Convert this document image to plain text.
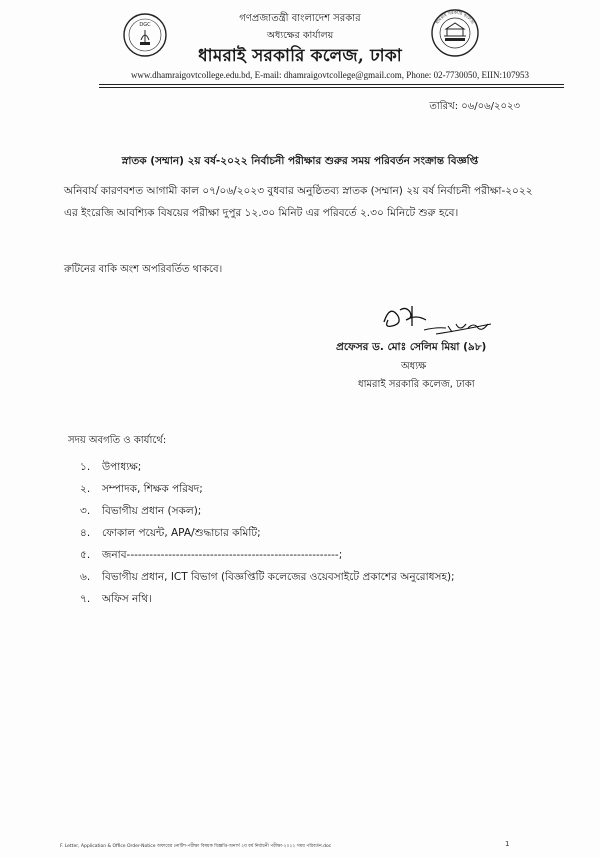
DGC	ধামরাই সরকারি কলেজ
গণপ্রজাতন্ত্রী বাংলাদেশ সরকার
অধ্যক্ষের কার্যালয়
ধামরাই সরকারি কলেজ, ঢাকা
www.dhamraigovtcollege.edu.bd, E-mail: dhamraigovtcollege@gmail.com, Phone: 02-7730050, EIIN:107953
তারিখ: ০৬/০৬/২০২৩
স্নাতক (সম্মান) ২য় বর্ষ-২০২২ নির্বাচনী পরীক্ষার শুরুর সময় পরিবর্তন সংক্রান্ত বিজ্ঞপ্তি
অনিবার্য কারণবশত আগামী কাল ০৭/০৬/২০২৩ বুধবার অনুষ্ঠিতব্য স্নাতক (সম্মান) ২য় বর্ষ নির্বাচনী পরীক্ষা-২০২২ এর ইংরেজি আবশ্যিক বিষয়ের পরীক্ষা দুপুর ১২.৩০ মিনিট এর পরিবর্তে ২.৩০ মিনিটে শুরু হবে।
রুটিনের বাকি অংশ অপরিবর্তিত থাকবে।
প্রফেসর ড. মোঃ সেলিম মিয়া (৯৮)
অধ্যক্ষ
ধামরাই সরকারি কলেজ, ঢাকা
সদয় অবগতি ও কার্যার্থে:
১. উপাধ্যক্ষ;
২. সম্পাদক, শিক্ষক পরিষদ;
৩. বিভাগীয় প্রধান (সকল);
৪. ফোকাল পয়েন্ট, APA/শুদ্ধাচার কমিটি;
৫. জনাব--------------------------------------------------------;
৬. বিভাগীয় প্রধান, ICT বিভাগ (বিজ্ঞপ্তিটি কলেজের ওয়েবসাইটে প্রকাশের অনুরোধসহ);
৭. অফিস নথি।
F. Letter, Application & Office Order-Notice অফারের নোটিশ-পরীক্ষা বিষয়ক বিজ্ঞপ্তি-অনার্স ২য় বর্ষ নির্বাচনী পরীক্ষা-২০২২ সময় পরিবর্তন.doc	1
